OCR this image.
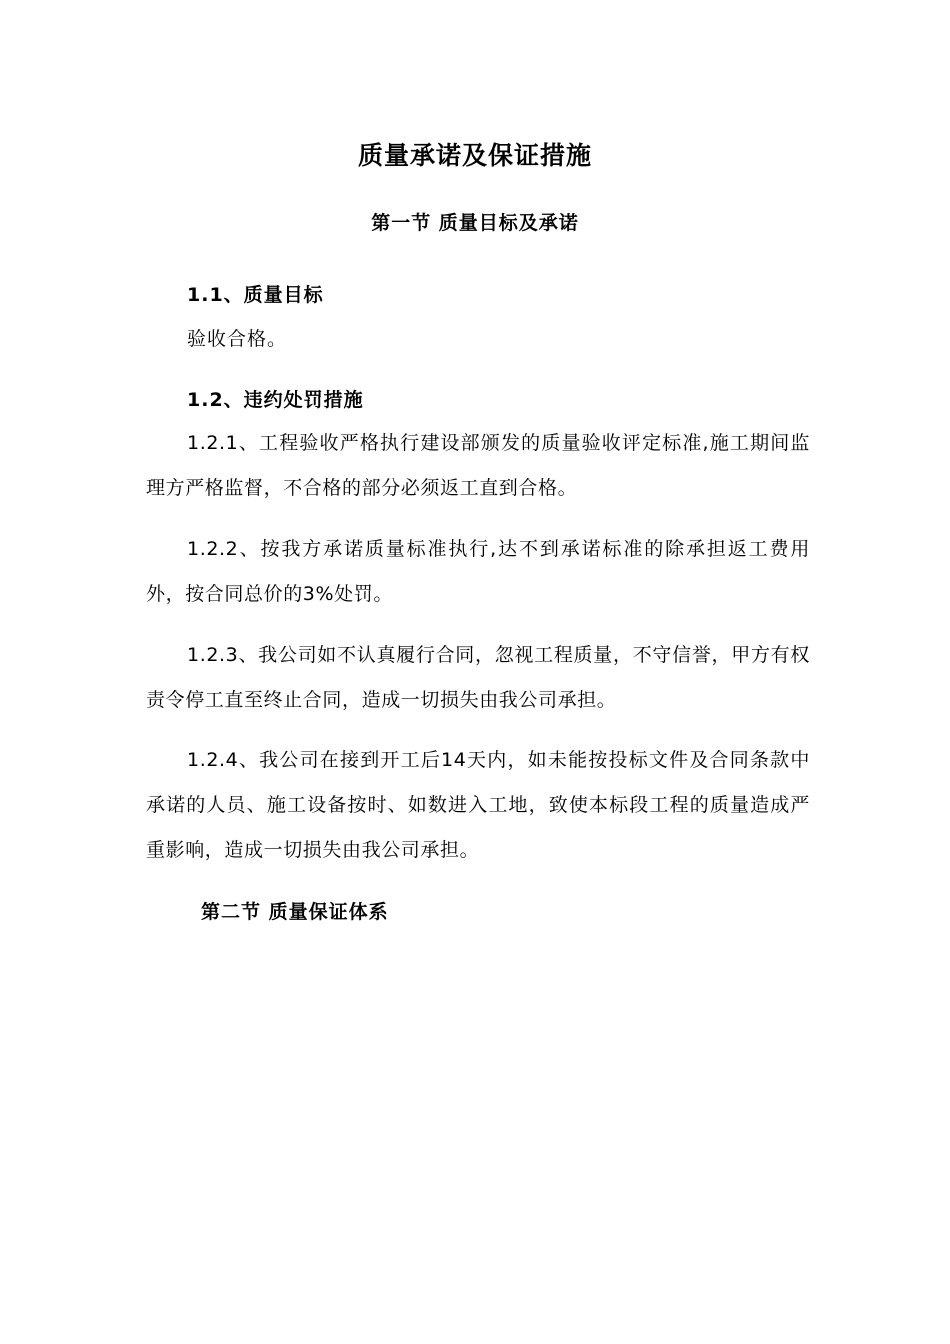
质量承诺及保证措施
第一节 质量目标及承诺
1.1、质量目标
验收合格。
1.2、违约处罚措施
1.2.1、工程验收严格执行建设部颁发的质量验收评定标准,施工期间监理方严格监督，不合格的部分必须返工直到合格。
1.2.2、按我方承诺质量标准执行,达不到承诺标准的除承担返工费用外，按合同总价的3%处罚。
1.2.3、我公司如不认真履行合同，忽视工程质量，不守信誉，甲方有权责令停工直至终止合同，造成一切损失由我公司承担。
1.2.4、我公司在接到开工后14天内，如未能按投标文件及合同条款中承诺的人员、施工设备按时、如数进入工地，致使本标段工程的质量造成严重影响，造成一切损失由我公司承担。
第二节 质量保证体系
